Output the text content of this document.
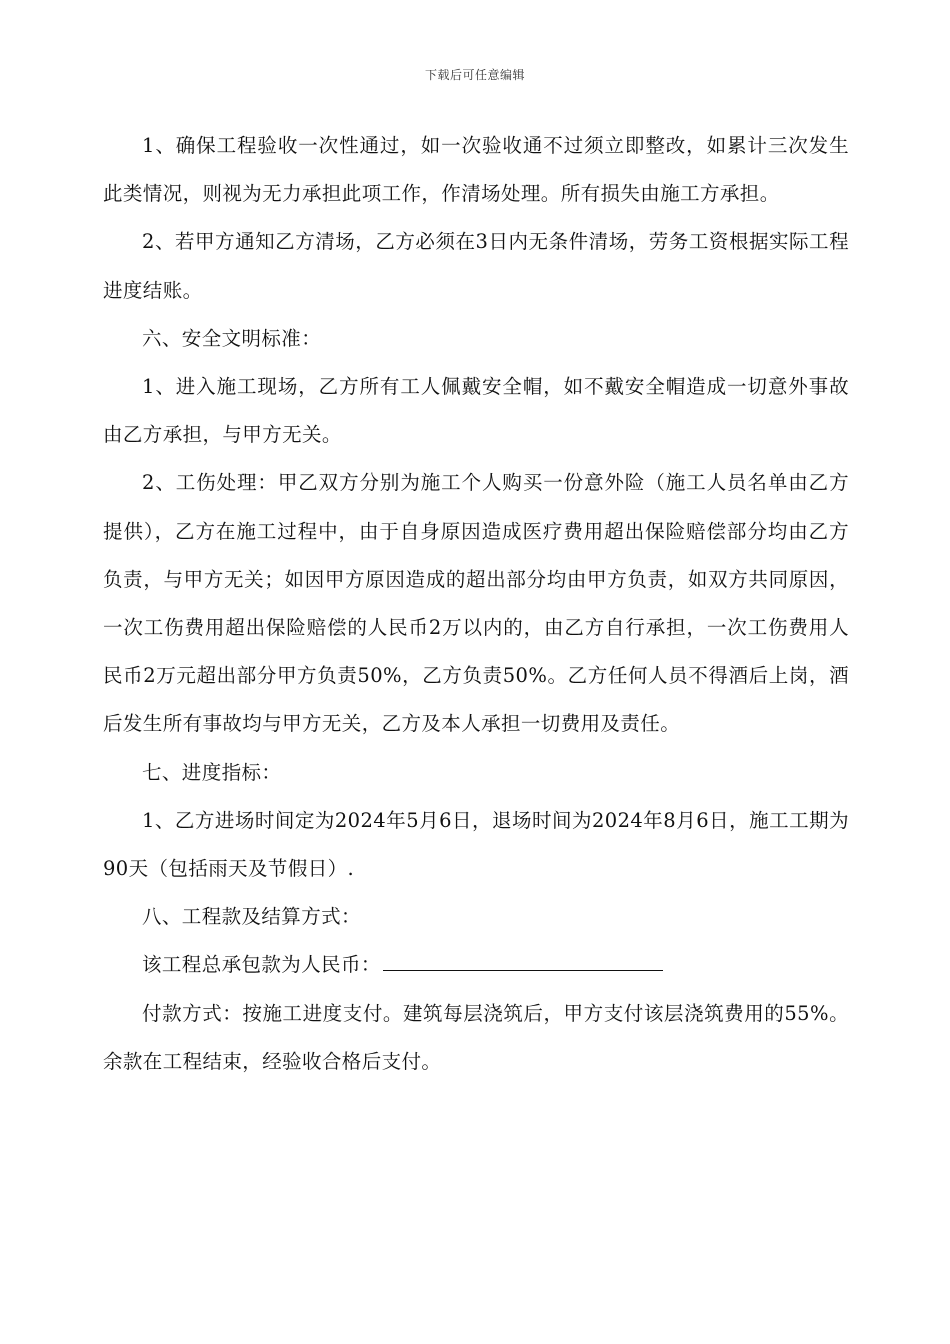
下载后可任意编辑

1、确保工程验收一次性通过，如一次验收通不过须立即整改，如累计三次发生此类情况，则视为无力承担此项工作，作清场处理。所有损失由施工方承担。

2、若甲方通知乙方清场，乙方必须在3日内无条件清场，劳务工资根据实际工程进度结账。

六、安全文明标准：

1、进入施工现场，乙方所有工人佩戴安全帽，如不戴安全帽造成一切意外事故由乙方承担，与甲方无关。

2、工伤处理：甲乙双方分别为施工个人购买一份意外险（施工人员名单由乙方提供），乙方在施工过程中，由于自身原因造成医疗费用超出保险赔偿部分均由乙方负责，与甲方无关；如因甲方原因造成的超出部分均由甲方负责，如双方共同原因，一次工伤费用超出保险赔偿的人民币2万以内的，由乙方自行承担，一次工伤费用人民币2万元超出部分甲方负责50%，乙方负责50%。乙方任何人员不得酒后上岗，酒后发生所有事故均与甲方无关，乙方及本人承担一切费用及责任。

七、进度指标：

1、乙方进场时间定为2024年5月6日，退场时间为2024年8月6日，施工工期为90天（包括雨天及节假日）.

八、工程款及结算方式：

该工程总承包款为人民币：

付款方式：按施工进度支付。建筑每层浇筑后，甲方支付该层浇筑费用的55%。余款在工程结束，经验收合格后支付。
